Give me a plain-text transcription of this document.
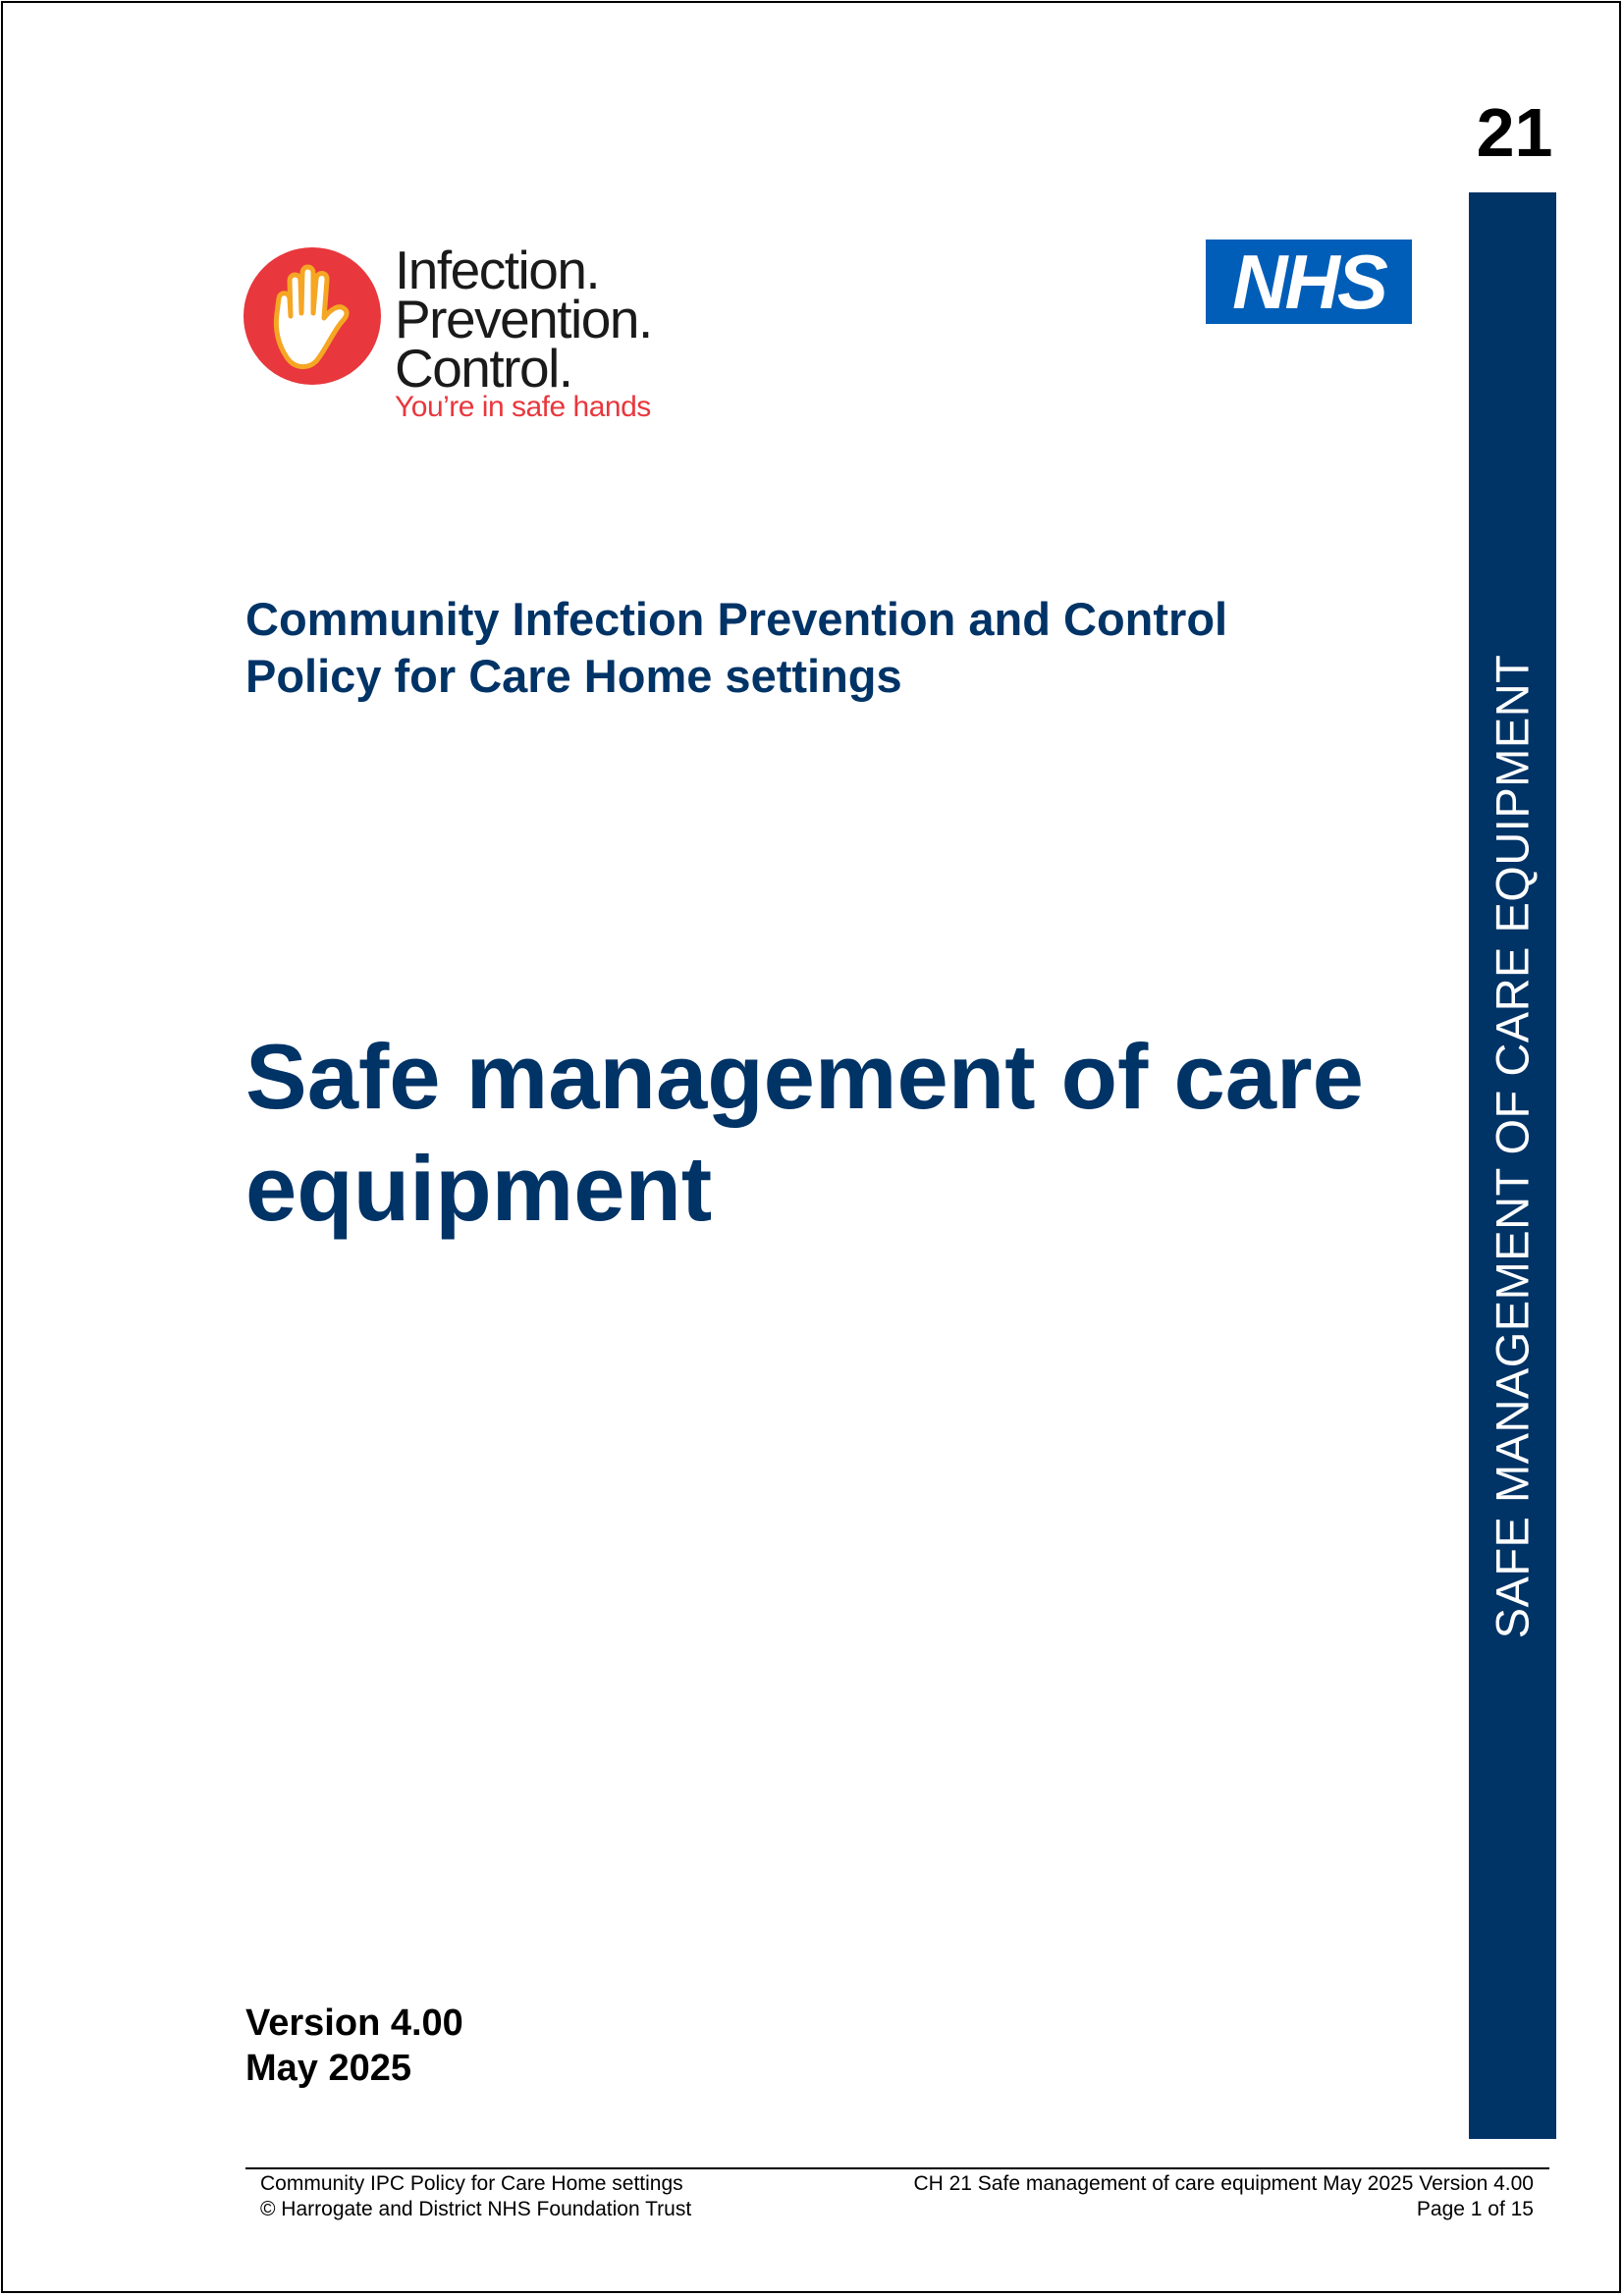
21
SAFE MANAGEMENT OF CARE EQUIPMENT
Infection.
Prevention.
Control.
You’re in safe hands
NHS
Community Infection Prevention and Control
Policy for Care Home settings
Safe management of care
equipment
Version 4.00
May 2025
Community IPC Policy for Care Home settings
© Harrogate and District NHS Foundation Trust
CH 21 Safe management of care equipment May 2025 Version 4.00
Page 1 of 15
